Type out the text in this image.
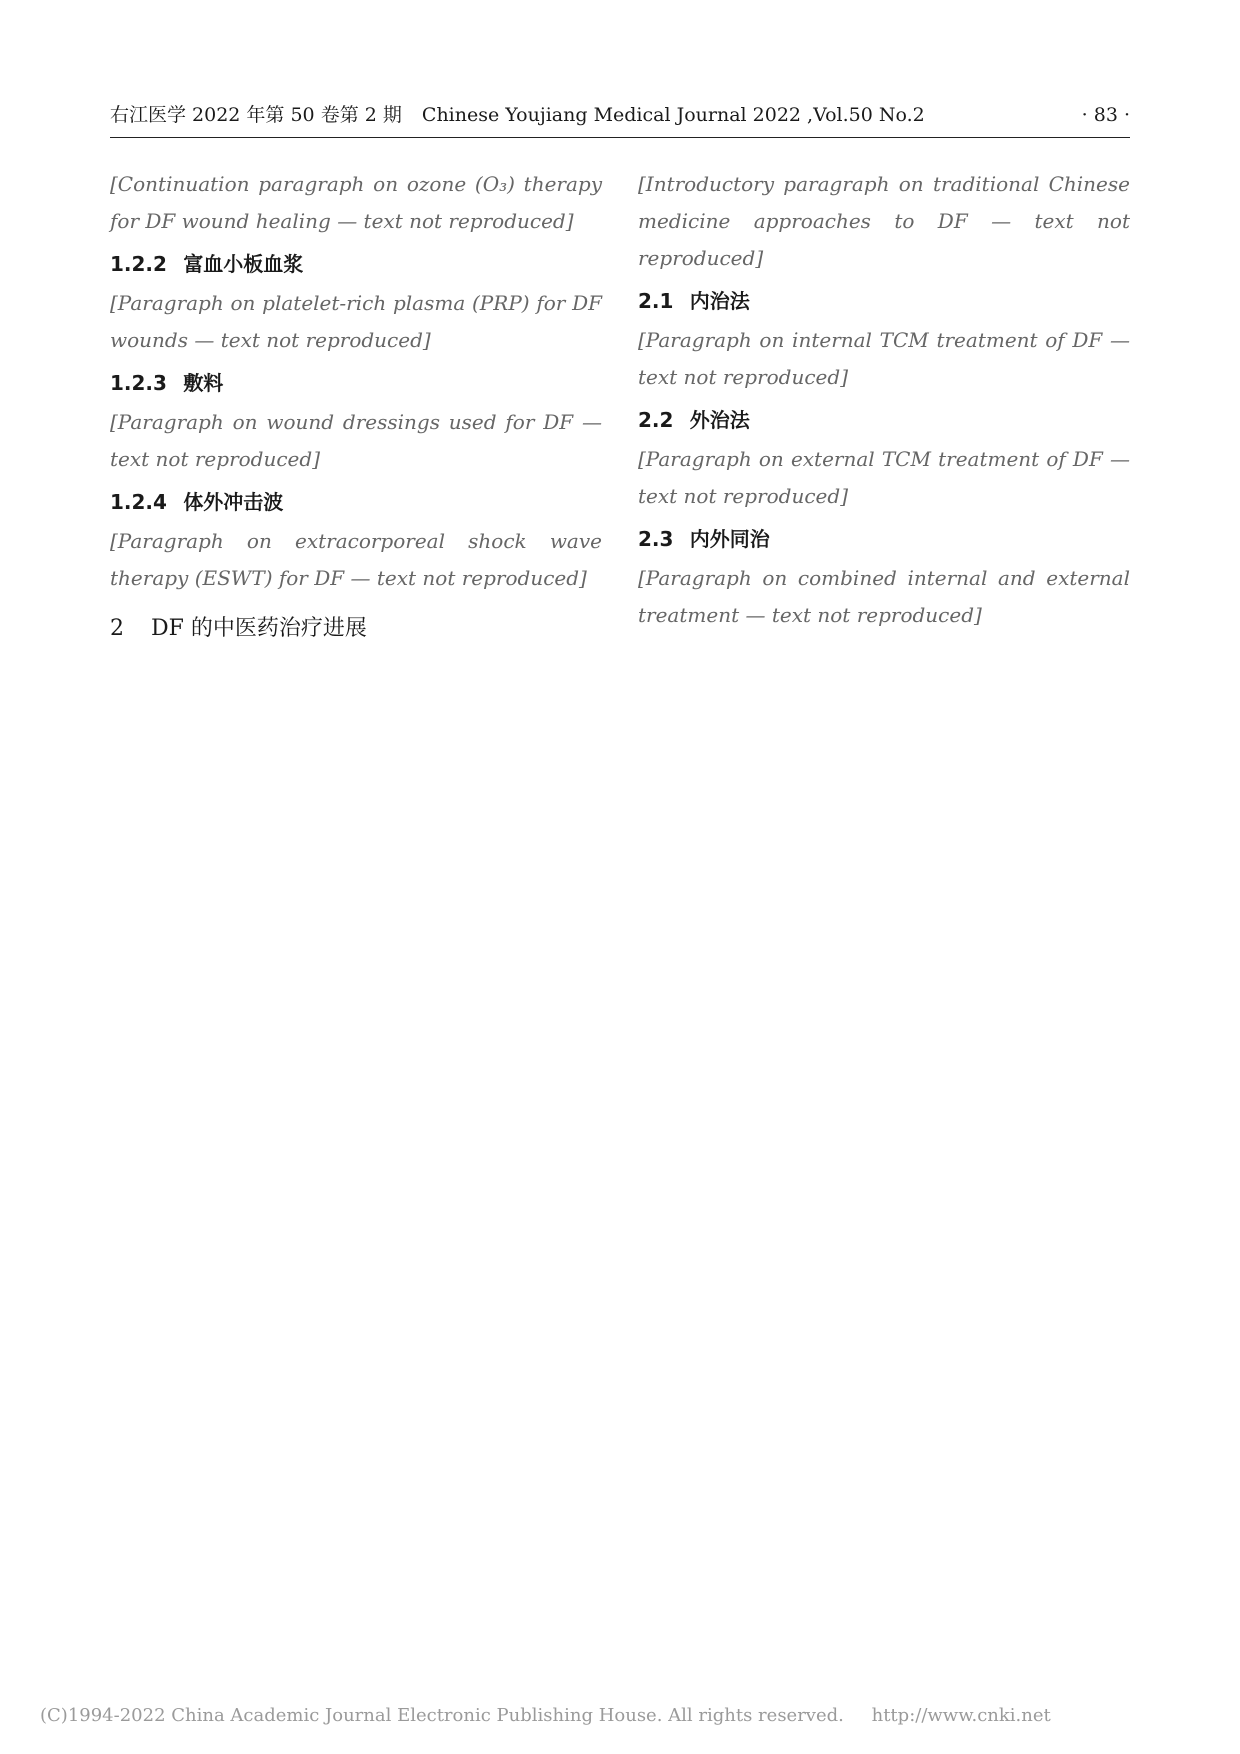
右江医学 2022 年第 50 卷第 2 期 Chinese Youjiang Medical Journal 2022 ,Vol.50 No.2	· 83 ·

[Continuation paragraph on ozone (O₃) therapy for DF wound healing — text not reproduced]

1.2.2 富血小板血浆

[Paragraph on platelet-rich plasma (PRP) for DF wounds — text not reproduced]

1.2.3 敷料

[Paragraph on wound dressings used for DF — text not reproduced]

1.2.4 体外冲击波

[Paragraph on extracorporeal shock wave therapy (ESWT) for DF — text not reproduced]

2 DF 的中医药治疗进展

[Introductory paragraph on traditional Chinese medicine approaches to DF — text not reproduced]

2.1 内治法

[Paragraph on internal TCM treatment of DF — text not reproduced]

2.2 外治法

[Paragraph on external TCM treatment of DF — text not reproduced]

2.3 内外同治

[Paragraph on combined internal and external treatment — text not reproduced]

(C)1994-2022 China Academic Journal Electronic Publishing House. All rights reserved. http://www.cnki.net
